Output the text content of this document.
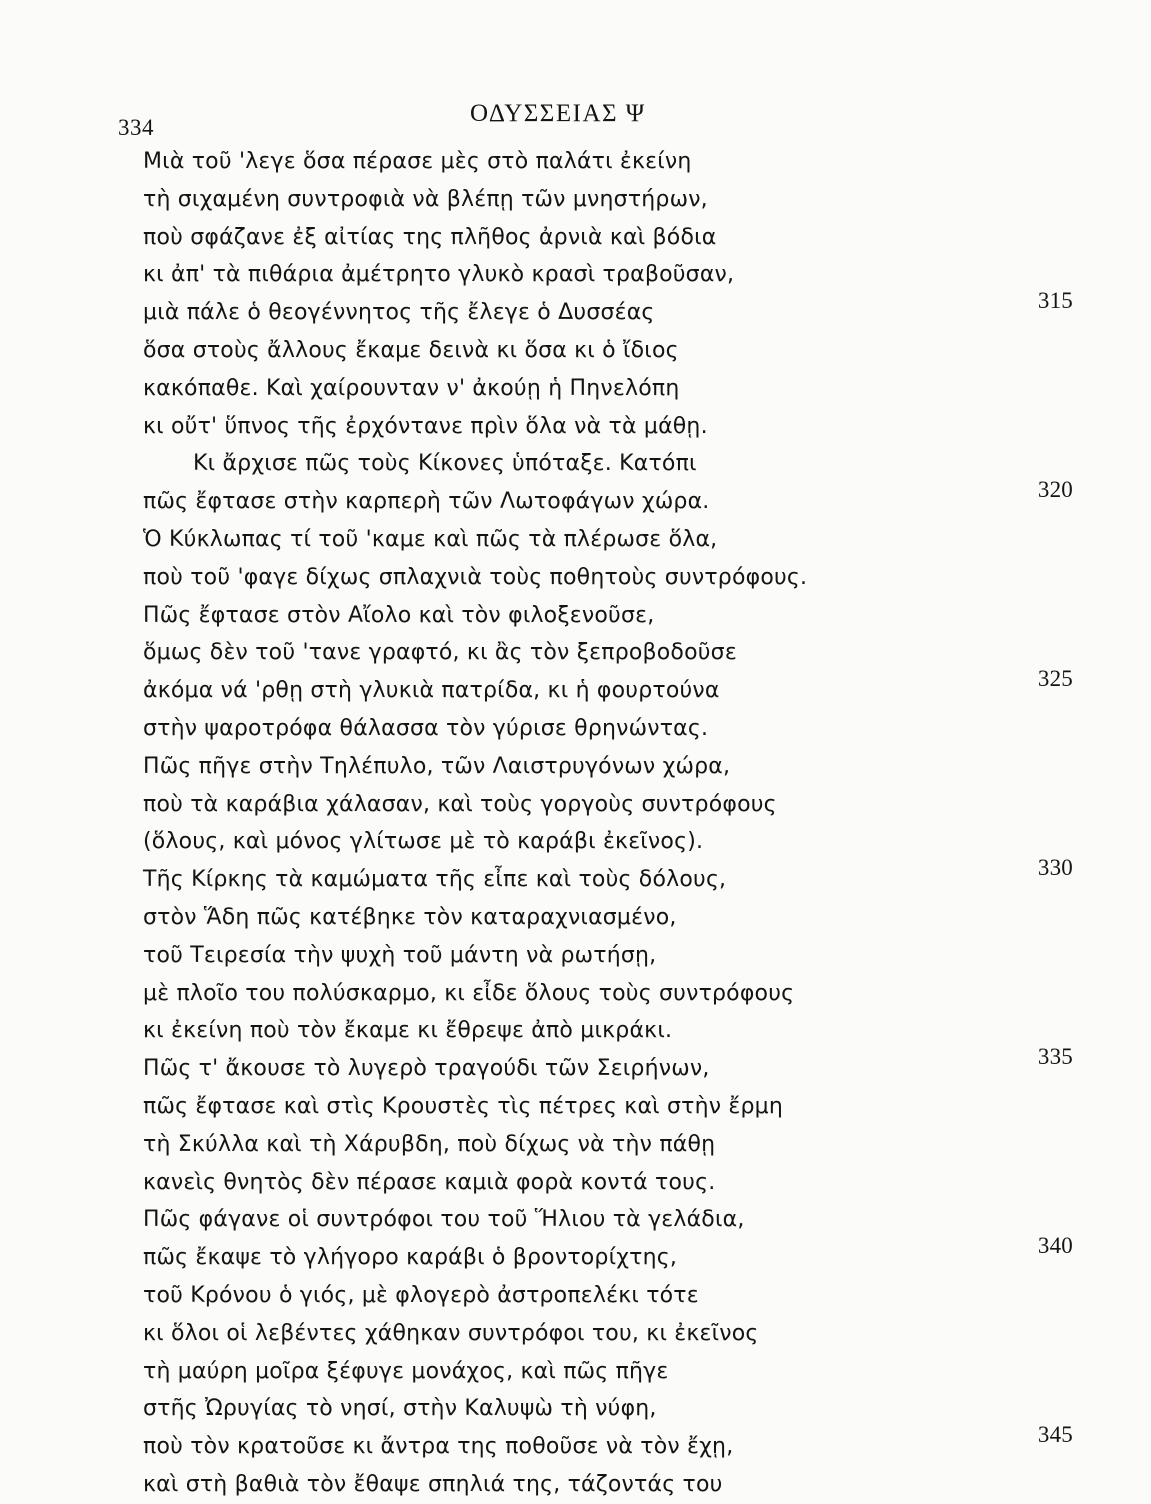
334
ΟΔΥΣΣΕΙΑΣ Ψ
Μιὰ τοῦ 'λεγε ὅσα πέρασε μὲς στὸ παλάτι ἐκείνη
τὴ σιχαμένη συντροφιὰ νὰ βλέπῃ τῶν μνηστήρων,
ποὺ σφάζανε ἐξ αἰτίας της πλῆθος ἀρνιὰ καὶ βόδια
κι ἀπ' τὰ πιθάρια ἀμέτρητο γλυκὸ κρασὶ τραβοῦσαν,
μιὰ πάλε ὁ θεογέννητος τῆς ἔλεγε ὁ Δυσσέας	315
ὅσα στοὺς ἄλλους ἔκαμε δεινὰ κι ὅσα κι ὁ ἴδιος
κακόπαθε. Καὶ χαίρουνταν ν' ἀκούῃ ἡ Πηνελόπη
κι οὔτ' ὕπνος τῆς ἐρχόντανε πρὶν ὅλα νὰ τὰ μάθῃ.
Κι ἄρχισε πῶς τοὺς Κίκονες ὑπόταξε. Κατόπι
πῶς ἔφτασε στὴν καρπερὴ τῶν Λωτοφάγων χώρα.	320
Ὁ Κύκλωπας τί τοῦ 'καμε καὶ πῶς τὰ πλέρωσε ὅλα,
ποὺ τοῦ 'φαγε δίχως σπλαχνιὰ τοὺς ποθητοὺς συντρόφους.
Πῶς ἔφτασε στὸν Αἴολο καὶ τὸν φιλοξενοῦσε,
ὅμως δὲν τοῦ 'τανε γραφτό, κι ἂς τὸν ξεπροβοδοῦσε
ἀκόμα νά 'ρθῃ στὴ γλυκιὰ πατρίδα, κι ἡ φουρτούνα	325
στὴν ψαροτρόφα θάλασσα τὸν γύρισε θρηνώντας.
Πῶς πῆγε στὴν Τηλέπυλο, τῶν Λαιστρυγόνων χώρα,
ποὺ τὰ καράβια χάλασαν, καὶ τοὺς γοργοὺς συντρόφους
(ὅλους, καὶ μόνος γλίτωσε μὲ τὸ καράβι ἐκεῖνος).
Τῆς Κίρκης τὰ καμώματα τῆς εἶπε καὶ τοὺς δόλους,	330
στὸν Ἅδη πῶς κατέβηκε τὸν καταραχνιασμένο,
τοῦ Τειρεσία τὴν ψυχὴ τοῦ μάντη νὰ ρωτήσῃ,
μὲ πλοῖο του πολύσκαρμο, κι εἶδε ὅλους τοὺς συντρόφους
κι ἐκείνη ποὺ τὸν ἔκαμε κι ἔθρεψε ἀπὸ μικράκι.
Πῶς τ' ἄκουσε τὸ λυγερὸ τραγούδι τῶν Σειρήνων,	335
πῶς ἔφτασε καὶ στὶς Κρουστὲς τὶς πέτρες καὶ στὴν ἔρμη
τὴ Σκύλλα καὶ τὴ Χάρυβδη, ποὺ δίχως νὰ τὴν πάθῃ
κανεὶς θνητὸς δὲν πέρασε καμιὰ φορὰ κοντά τους.
Πῶς φάγανε οἱ συντρόφοι του τοῦ Ἥλιου τὰ γελάδια,
πῶς ἔκαψε τὸ γλήγορο καράβι ὁ βροντορίχτης,	340
τοῦ Κρόνου ὁ γιός, μὲ φλογερὸ ἀστροπελέκι τότε
κι ὅλοι οἱ λεβέντες χάθηκαν συντρόφοι του, κι ἐκεῖνος
τὴ μαύρη μοῖρα ξέφυγε μονάχος, καὶ πῶς πῆγε
στῆς Ὠρυγίας τὸ νησί, στὴν Καλυψὼ τὴ νύφη,
ποὺ τὸν κρατοῦσε κι ἄντρα της ποθοῦσε νὰ τὸν ἔχῃ,	345
καὶ στὴ βαθιὰ τὸν ἔθαψε σπηλιά της, τάζοντάς του
